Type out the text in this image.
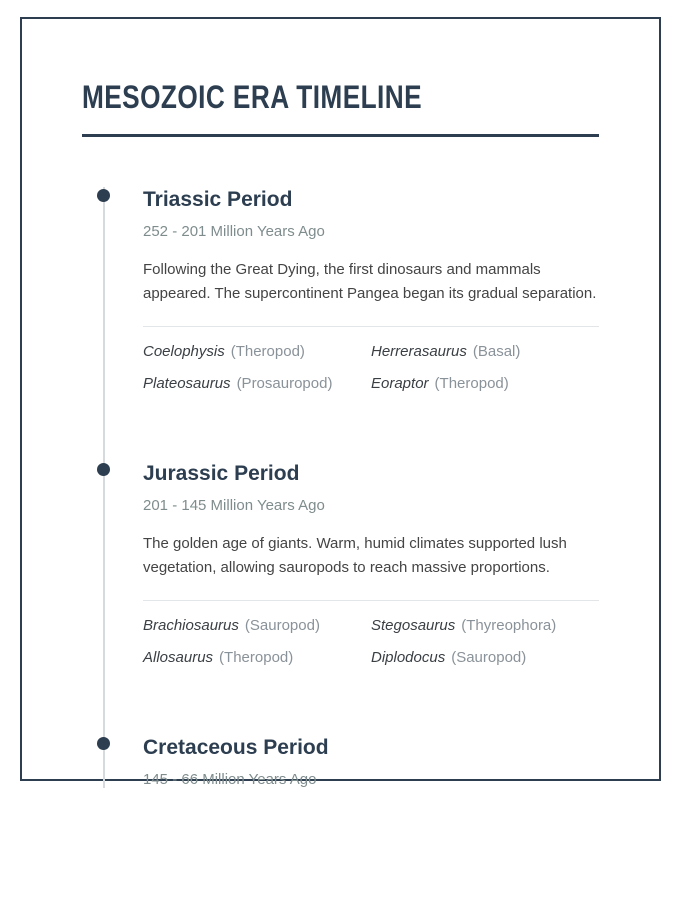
MESOZOIC ERA TIMELINE
Triassic Period
252 - 201 Million Years Ago

Following the Great Dying, the first dinosaurs and mammals appeared. The supercontinent Pangea began its gradual separation.

Coelophysis (Theropod)	Herrerasaurus (Basal)
Plateosaurus (Prosauropod)	Eoraptor (Theropod)
Jurassic Period
201 - 145 Million Years Ago

The golden age of giants. Warm, humid climates supported lush vegetation, allowing sauropods to reach massive proportions.

Brachiosaurus (Sauropod)	Stegosaurus (Thyreophora)
Allosaurus (Theropod)	Diplodocus (Sauropod)
Cretaceous Period
145 - 66 Million Years Ago
